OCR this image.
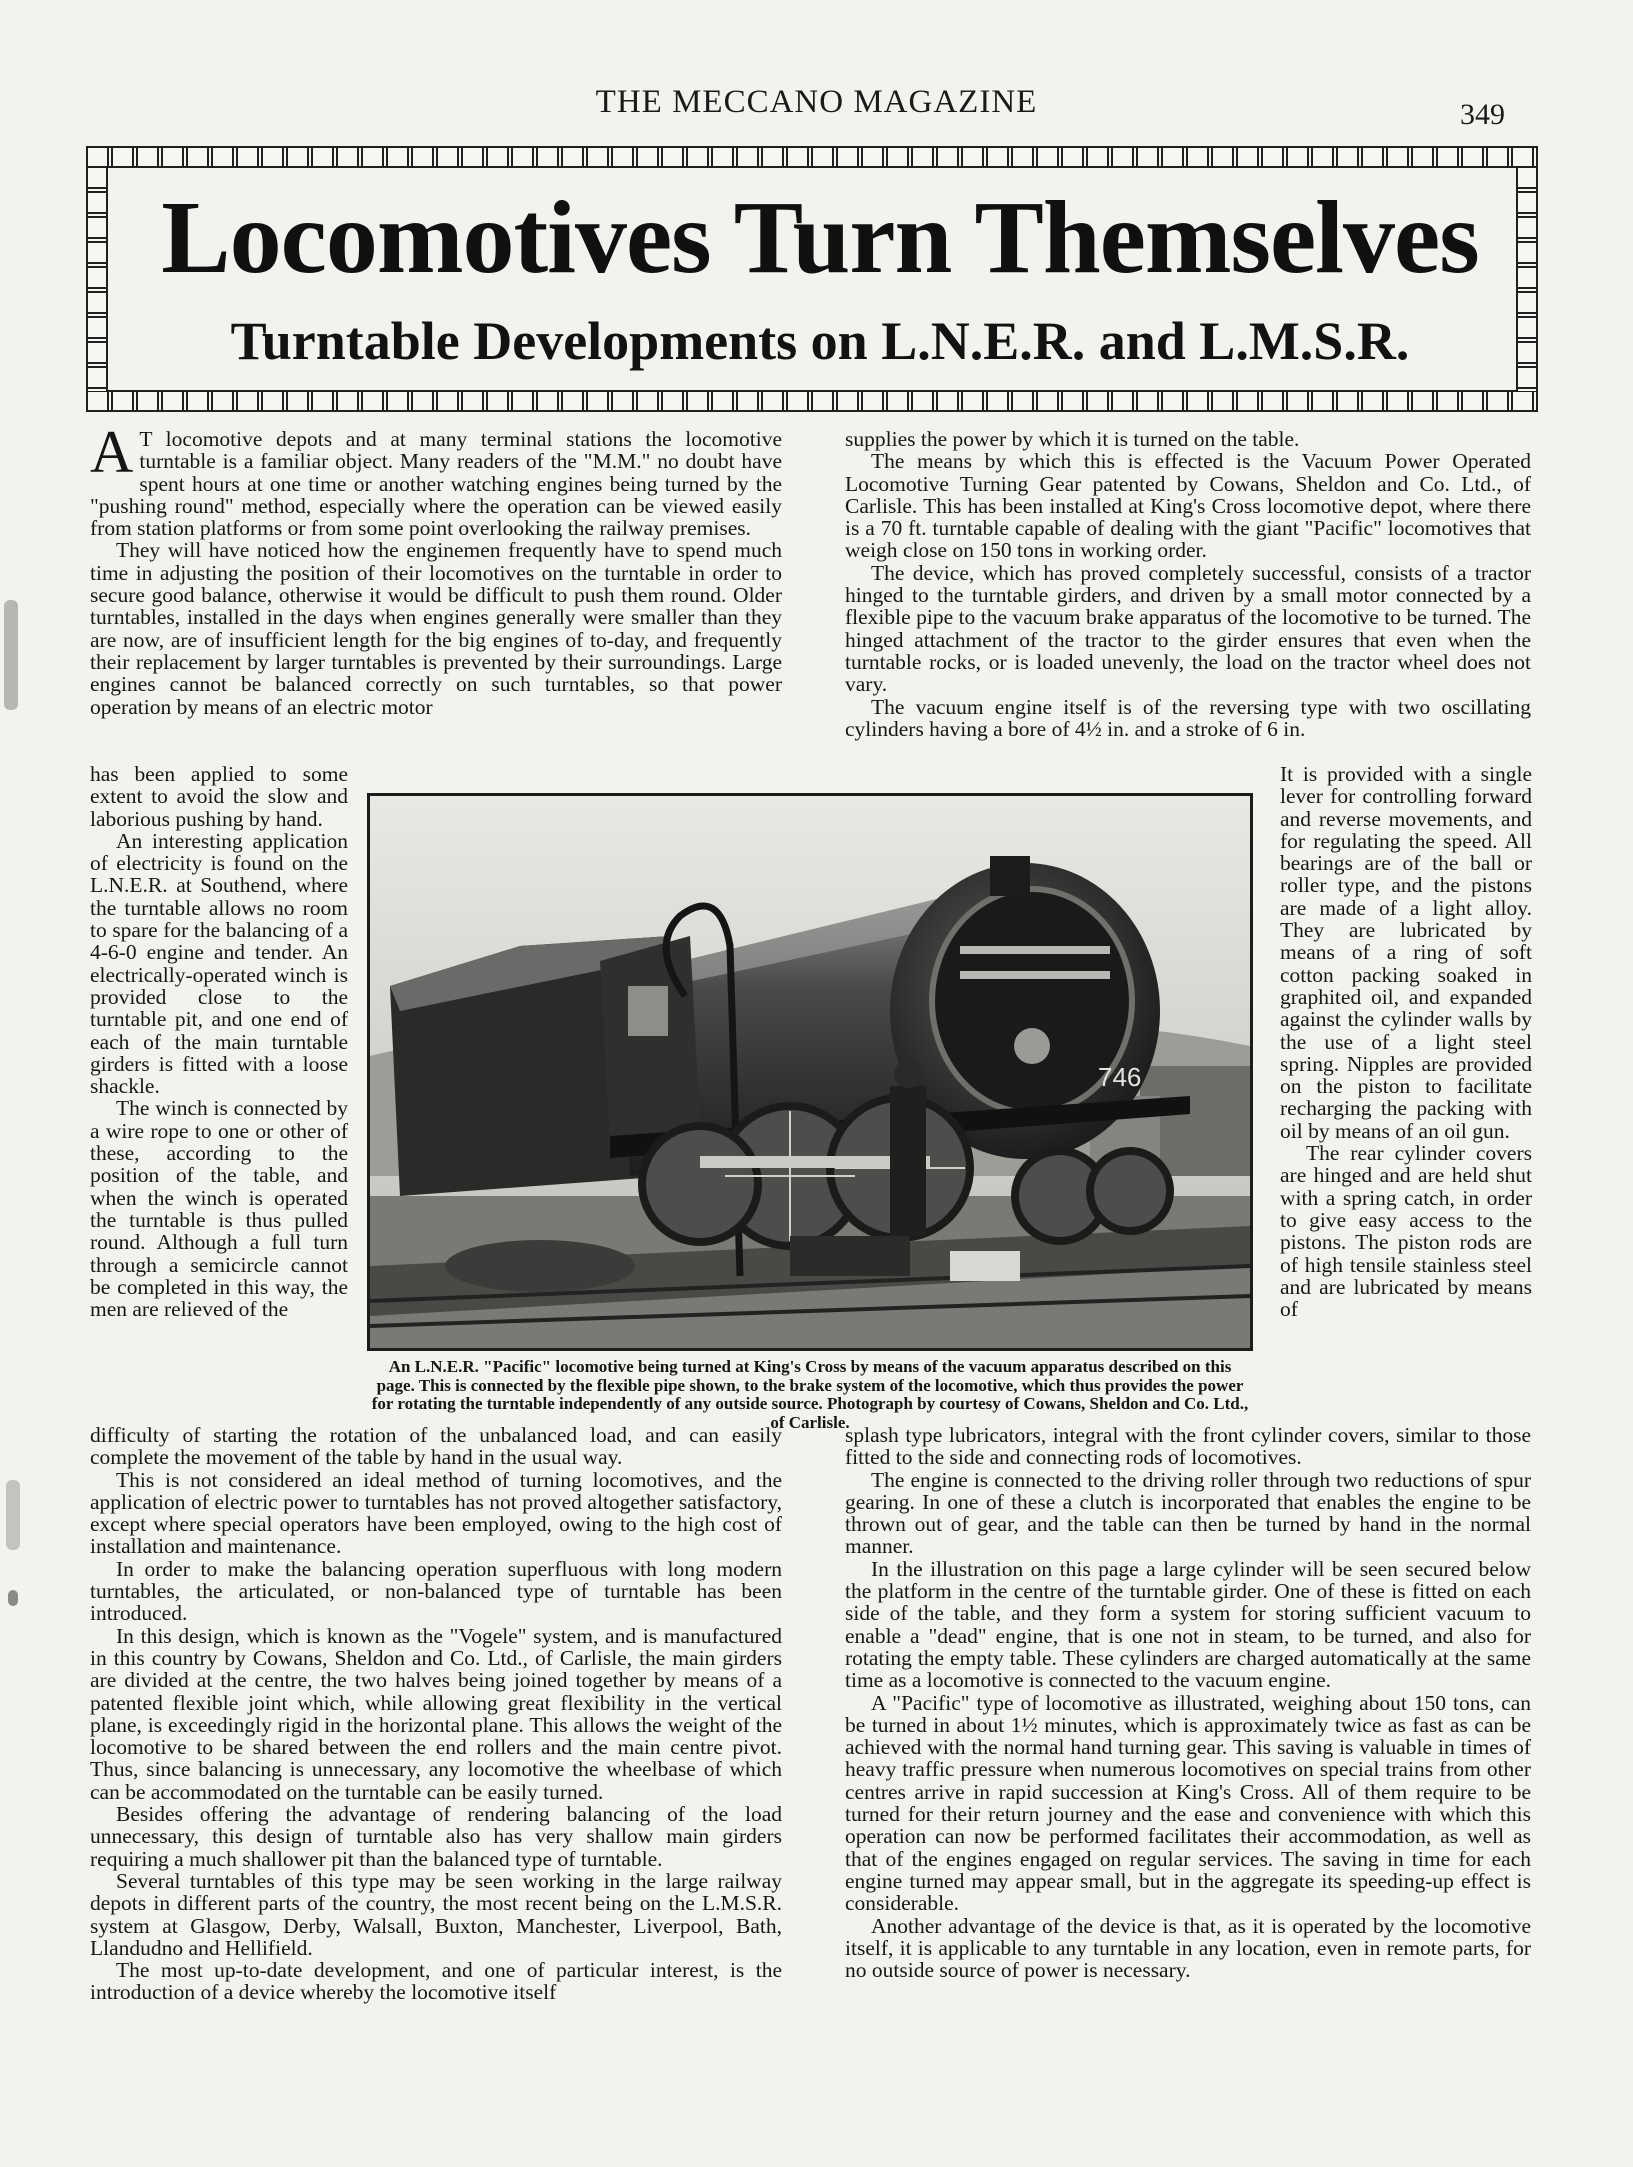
THE MECCANO MAGAZINE	349
Locomotives Turn Themselves
Turntable Developments on L.N.E.R. and L.M.S.R.

A T locomotive depots and at many terminal stations the locomotive turntable is a familiar object. Many readers of the "M.M." no doubt have spent hours at one time or another watching engines being turned by the "pushing round" method, especially where the operation can be viewed easily from station platforms or from some point overlooking the railway premises.

They will have noticed how the enginemen frequently have to spend much time in adjusting the position of their locomotives on the turntable in order to secure good balance, otherwise it would be difficult to push them round. Older turntables, installed in the days when engines generally were smaller than they are now, are of insufficient length for the big engines of to-day, and frequently their replacement by larger turntables is prevented by their surroundings. Large engines cannot be balanced correctly on such turntables, so that power operation by means of an electric motor

has been applied to some extent to avoid the slow and laborious pushing by hand.

An interesting application of electricity is found on the L.N.E.R. at Southend, where the turntable allows no room to spare for the balancing of a 4-6-0 engine and tender. An electrically-operated winch is provided close to the turntable pit, and one end of each of the main turntable girders is fitted with a loose shackle.

The winch is connected by a wire rope to one or other of these, according to the position of the table, and when the winch is operated the turntable is thus pulled round. Although a full turn through a semicircle cannot be completed in this way, the men are relieved of the

difficulty of starting the rotation of the unbalanced load, and can easily complete the movement of the table by hand in the usual way.

This is not considered an ideal method of turning locomotives, and the application of electric power to turntables has not proved altogether satisfactory, except where special operators have been employed, owing to the high cost of installation and maintenance.

In order to make the balancing operation superfluous with long modern turntables, the articulated, or non-balanced type of turntable has been introduced.

In this design, which is known as the "Vogele" system, and is manufactured in this country by Cowans, Sheldon and Co. Ltd., of Carlisle, the main girders are divided at the centre, the two halves being joined together by means of a patented flexible joint which, while allowing great flexibility in the vertical plane, is exceedingly rigid in the horizontal plane. This allows the weight of the locomotive to be shared between the end rollers and the main centre pivot. Thus, since balancing is unnecessary, any locomotive the wheelbase of which can be accommodated on the turntable can be easily turned.

Besides offering the advantage of rendering balancing of the load unnecessary, this design of turntable also has very shallow main girders requiring a much shallower pit than the balanced type of turntable.

Several turntables of this type may be seen working in the large railway depots in different parts of the country, the most recent being on the L.M.S.R. system at Glasgow, Derby, Walsall, Buxton, Manchester, Liverpool, Bath, Llandudno and Hellifield.

The most up-to-date development, and one of particular interest, is the introduction of a device whereby the locomotive itself

supplies the power by which it is turned on the table.

The means by which this is effected is the Vacuum Power Operated Locomotive Turning Gear patented by Cowans, Sheldon and Co. Ltd., of Carlisle. This has been installed at King's Cross locomotive depot, where there is a 70 ft. turntable capable of dealing with the giant "Pacific" locomotives that weigh close on 150 tons in working order.

The device, which has proved completely successful, consists of a tractor hinged to the turntable girders, and driven by a small motor connected by a flexible pipe to the vacuum brake apparatus of the locomotive to be turned. The hinged attachment of the tractor to the girder ensures that even when the turntable rocks, or is loaded unevenly, the load on the tractor wheel does not vary.

The vacuum engine itself is of the reversing type with two oscillating cylinders having a bore of 4½ in. and a stroke of 6 in.

It is provided with a single lever for controlling forward and reverse movements, and for regulating the speed. All bearings are of the ball or roller type, and the pistons are made of a light alloy. They are lubricated by means of a ring of soft cotton packing soaked in graphited oil, and expanded against the cylinder walls by the use of a light steel spring. Nipples are provided on the piston to facilitate recharging the packing with oil by means of an oil gun.

The rear cylinder covers are hinged and are held shut with a spring catch, in order to give easy access to the pistons. The piston rods are of high tensile stainless steel and are lubricated by means of

splash type lubricators, integral with the front cylinder covers, similar to those fitted to the side and connecting rods of locomotives.

The engine is connected to the driving roller through two reductions of spur gearing. In one of these a clutch is incorporated that enables the engine to be thrown out of gear, and the table can then be turned by hand in the normal manner.

In the illustration on this page a large cylinder will be seen secured below the platform in the centre of the turntable girder. One of these is fitted on each side of the table, and they form a system for storing sufficient vacuum to enable a "dead" engine, that is one not in steam, to be turned, and also for rotating the empty table. These cylinders are charged automatically at the same time as a locomotive is connected to the vacuum engine.

A "Pacific" type of locomotive as illustrated, weighing about 150 tons, can be turned in about 1½ minutes, which is approximately twice as fast as can be achieved with the normal hand turning gear. This saving is valuable in times of heavy traffic pressure when numerous locomotives on special trains from other centres arrive in rapid succession at King's Cross. All of them require to be turned for their return journey and the ease and convenience with which this operation can now be performed facilitates their accommodation, as well as that of the engines engaged on regular services. The saving in time for each engine turned may appear small, but in the aggregate its speeding-up effect is considerable.

Another advantage of the device is that, as it is operated by the locomotive itself, it is applicable to any turntable in any location, even in remote parts, for no outside source of power is necessary.

746
An L.N.E.R. "Pacific" locomotive being turned at King's Cross by means of the vacuum apparatus described on this page. This is connected by the flexible pipe shown, to the brake system of the locomotive, which thus provides the power for rotating the turntable independently of any outside source. Photograph by courtesy of Cowans, Sheldon and Co. Ltd., of Carlisle.
